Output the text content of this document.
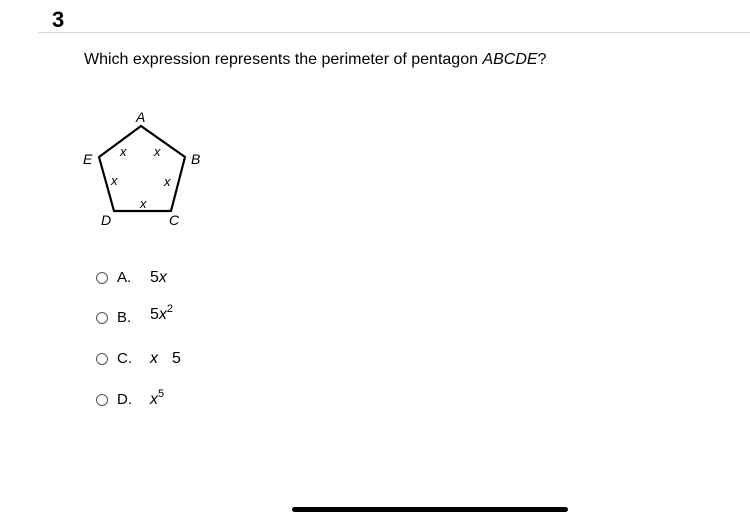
3
Which expression represents the perimeter of pentagon ABCDE?
A
B
C
D
E	x
x
x
x
x
A. 5x
B. $5x^2$
C. x 5
D. $x^5$
